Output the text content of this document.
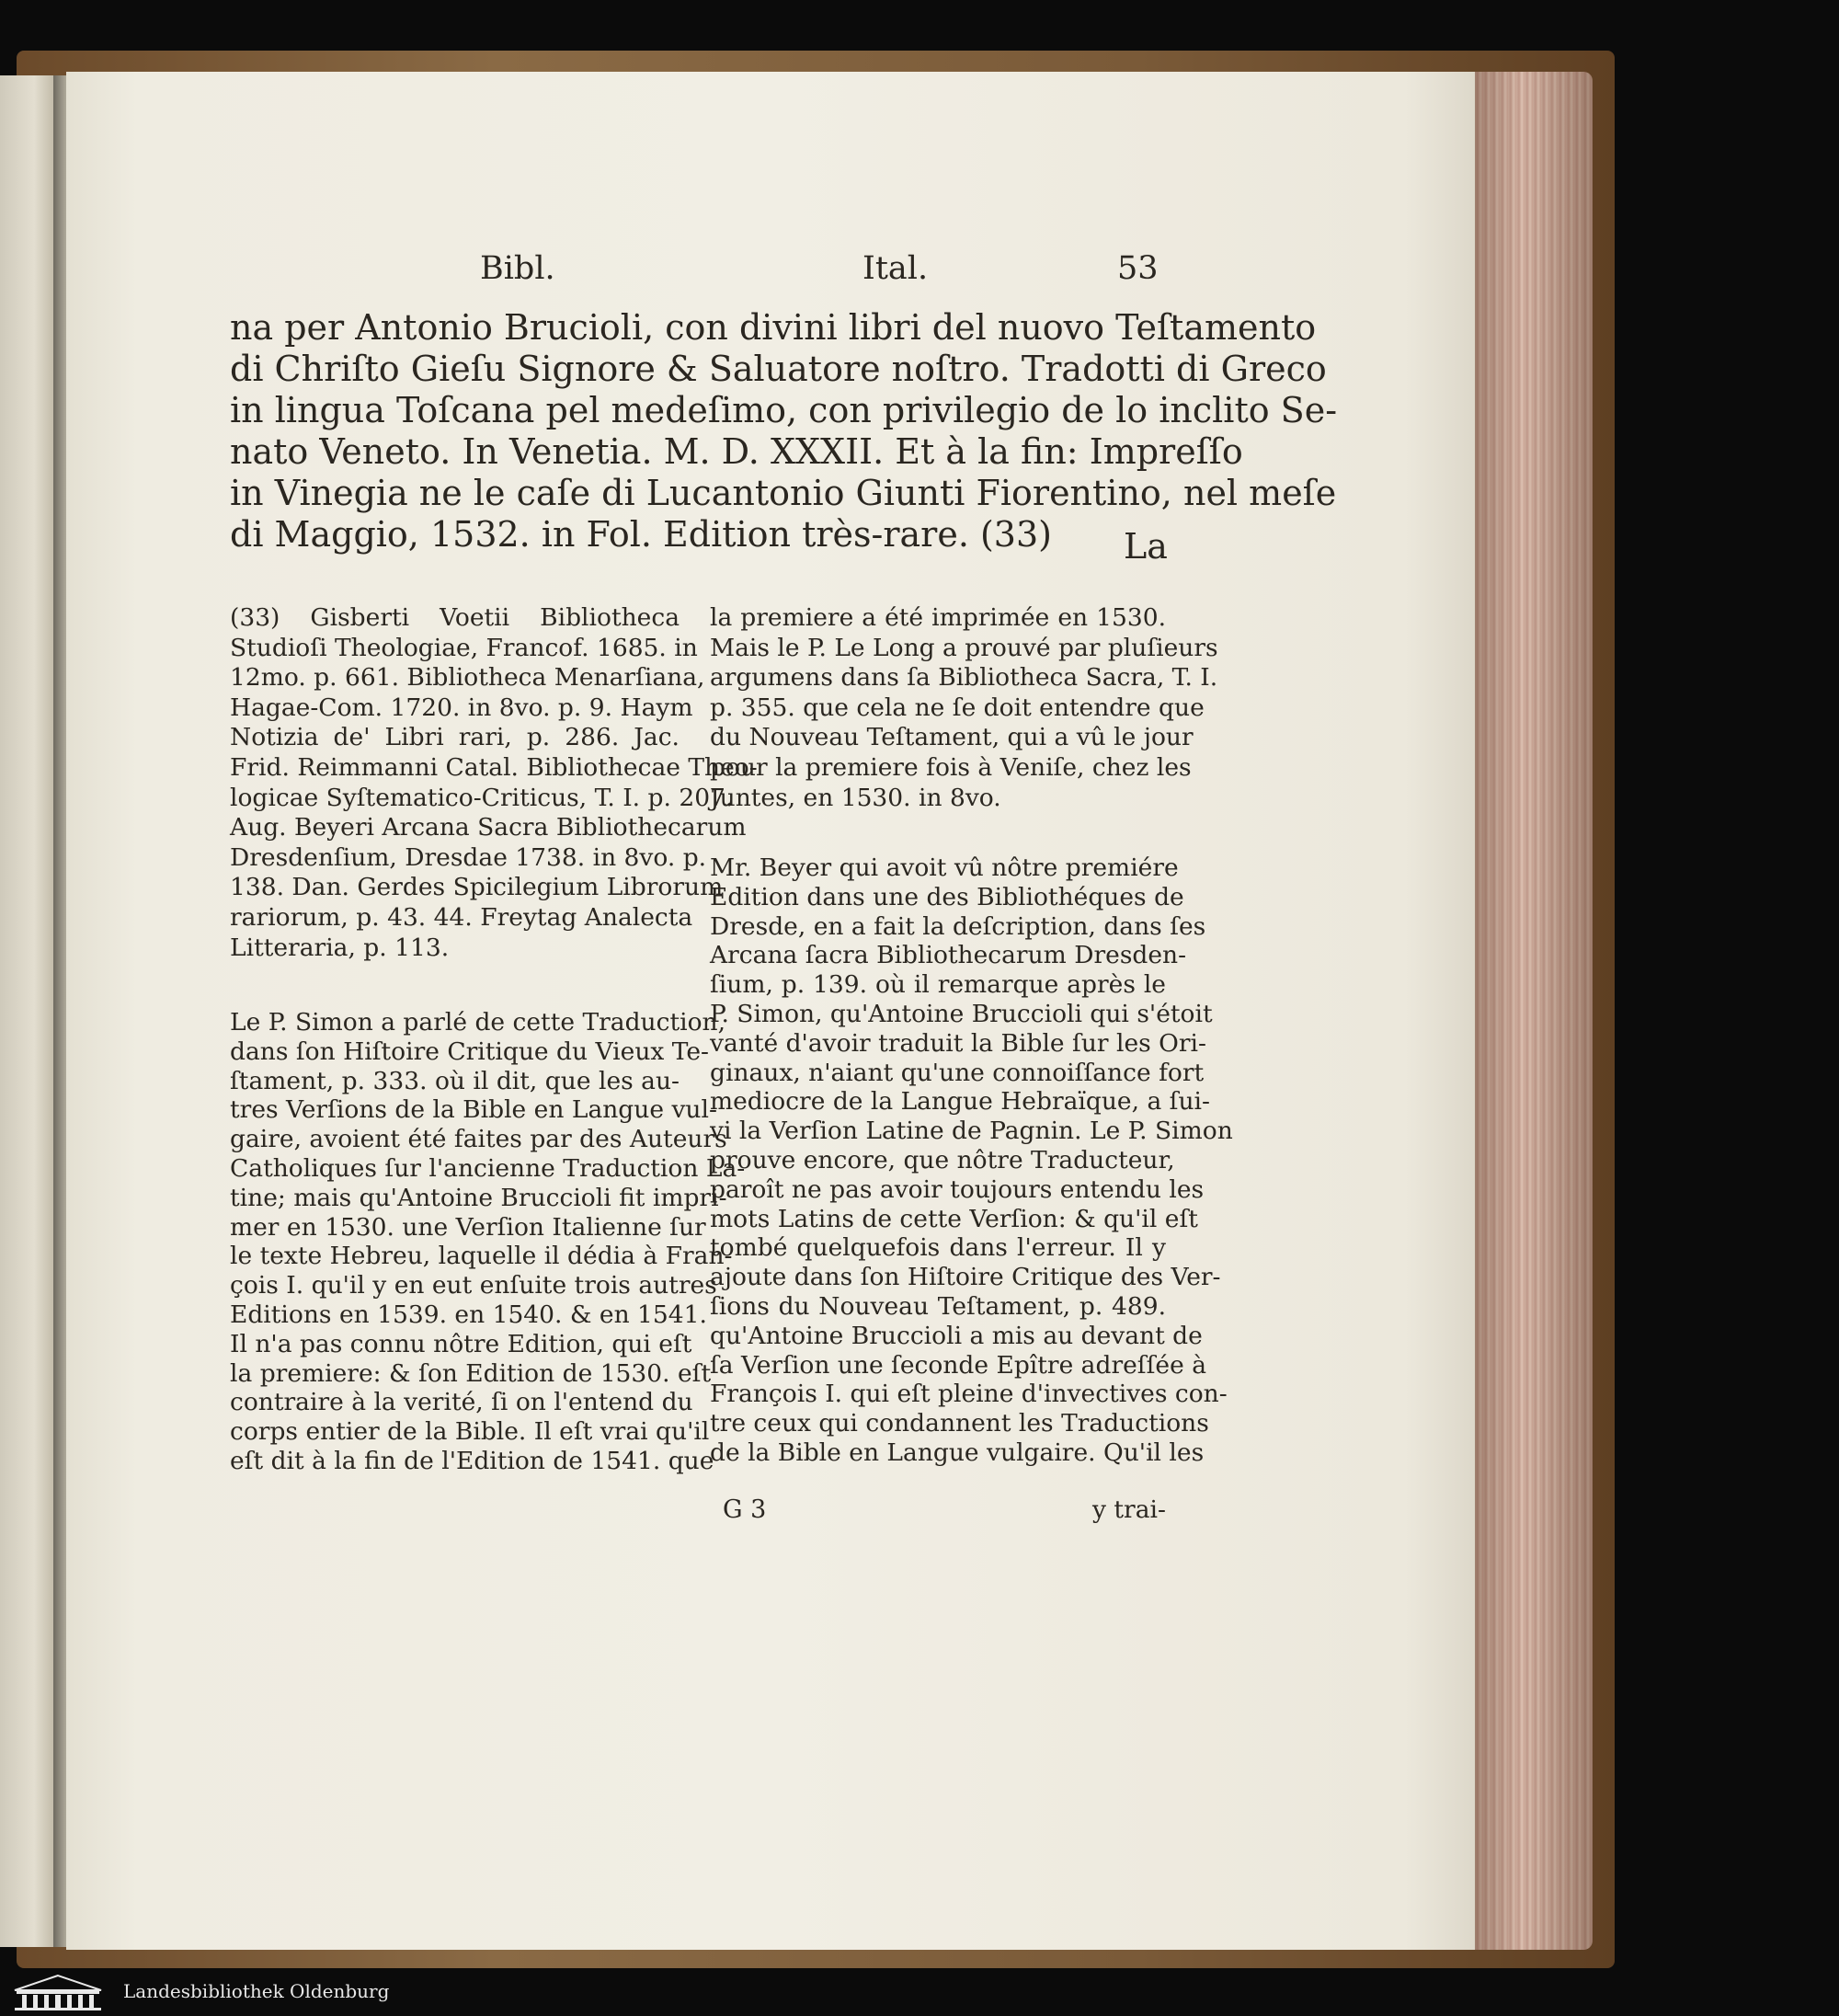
Bibl.	Ital.	53
na per Antonio Brucioli, con divini libri del nuovo Teſtamento
di Chriſto Gieſu Signore & Saluatore noſtro. Tradotti di Greco
in lingua Toſcana pel medeſimo, con privilegio de lo inclito Se-
nato Veneto. In Venetia. M. D. XXXII. Et à la fin: Impreſſo
in Vinegia ne le caſe di Lucantonio Giunti Fiorentino, nel meſe
di Maggio, 1532. in Fol. Edition très-rare. (33)	La
(33) Gisberti Voetii Bibliotheca
Studioſi Theologiae, Francof. 1685. in
12mo. p. 661. Bibliotheca Menarſiana,
Hagae-Com. 1720. in 8vo. p. 9. Haym
Notizia de' Libri rari, p. 286. Jac.
Frid. Reimmanni Catal. Bibliothecae Theo-
logicae Syſtematico-Criticus, T. I. p. 207.
Aug. Beyeri Arcana Sacra Bibliothecarum
Dresdenſium, Dresdae 1738. in 8vo. p.
138. Dan. Gerdes Spicilegium Librorum
rariorum, p. 43. 44. Freytag Analecta
Litteraria, p. 113.
Le P. Simon a parlé de cette Traduction,
dans ſon Hiſtoire Critique du Vieux Te-
ſtament, p. 333. où il dit, que les au-
tres Verſions de la Bible en Langue vul-
gaire, avoient été faites par des Auteurs
Catholiques ſur l'ancienne Traduction La-
tine; mais qu'Antoine Bruccioli fit impri-
mer en 1530. une Verſion Italienne ſur
le texte Hebreu, laquelle il dédia à Fran-
çois I. qu'il y en eut enſuite trois autres
Editions en 1539. en 1540. & en 1541.
Il n'a pas connu nôtre Edition, qui eſt
la premiere: & ſon Edition de 1530. eſt
contraire à la verité, ſi on l'entend du
corps entier de la Bible. Il eſt vrai qu'il
eſt dit à la fin de l'Edition de 1541. que
la premiere a été imprimée en 1530.
Mais le P. Le Long a prouvé par pluſieurs
argumens dans ſa Bibliotheca Sacra, T. I.
p. 355. que cela ne ſe doit entendre que
du Nouveau Teſtament, qui a vû le jour
pour la premiere fois à Veniſe, chez les
Juntes, en 1530. in 8vo.
Mr. Beyer qui avoit vû nôtre premiére
Edition dans une des Bibliothéques de
Dresde, en a fait la deſcription, dans ſes
Arcana ſacra Bibliothecarum Dresden-
ſium, p. 139. où il remarque après le
P. Simon, qu'Antoine Bruccioli qui s'étoit
vanté d'avoir traduit la Bible ſur les Ori-
ginaux, n'aiant qu'une connoiſſance fort
mediocre de la Langue Hebraïque, a ſui-
vi la Verſion Latine de Pagnin. Le P. Simon
prouve encore, que nôtre Traducteur,
paroît ne pas avoir toujours entendu les
mots Latins de cette Verſion: & qu'il eſt
tombé quelquefois dans l'erreur. Il y
ajoute dans ſon Hiſtoire Critique des Ver-
ſions du Nouveau Teſtament, p. 489.
qu'Antoine Bruccioli a mis au devant de
ſa Verſion une ſeconde Epître adreſſée à
François I. qui eſt pleine d'invectives con-
tre ceux qui condannent les Traductions
de la Bible en Langue vulgaire. Qu'il les
G 3	y trai-
Landesbibliothek Oldenburg
